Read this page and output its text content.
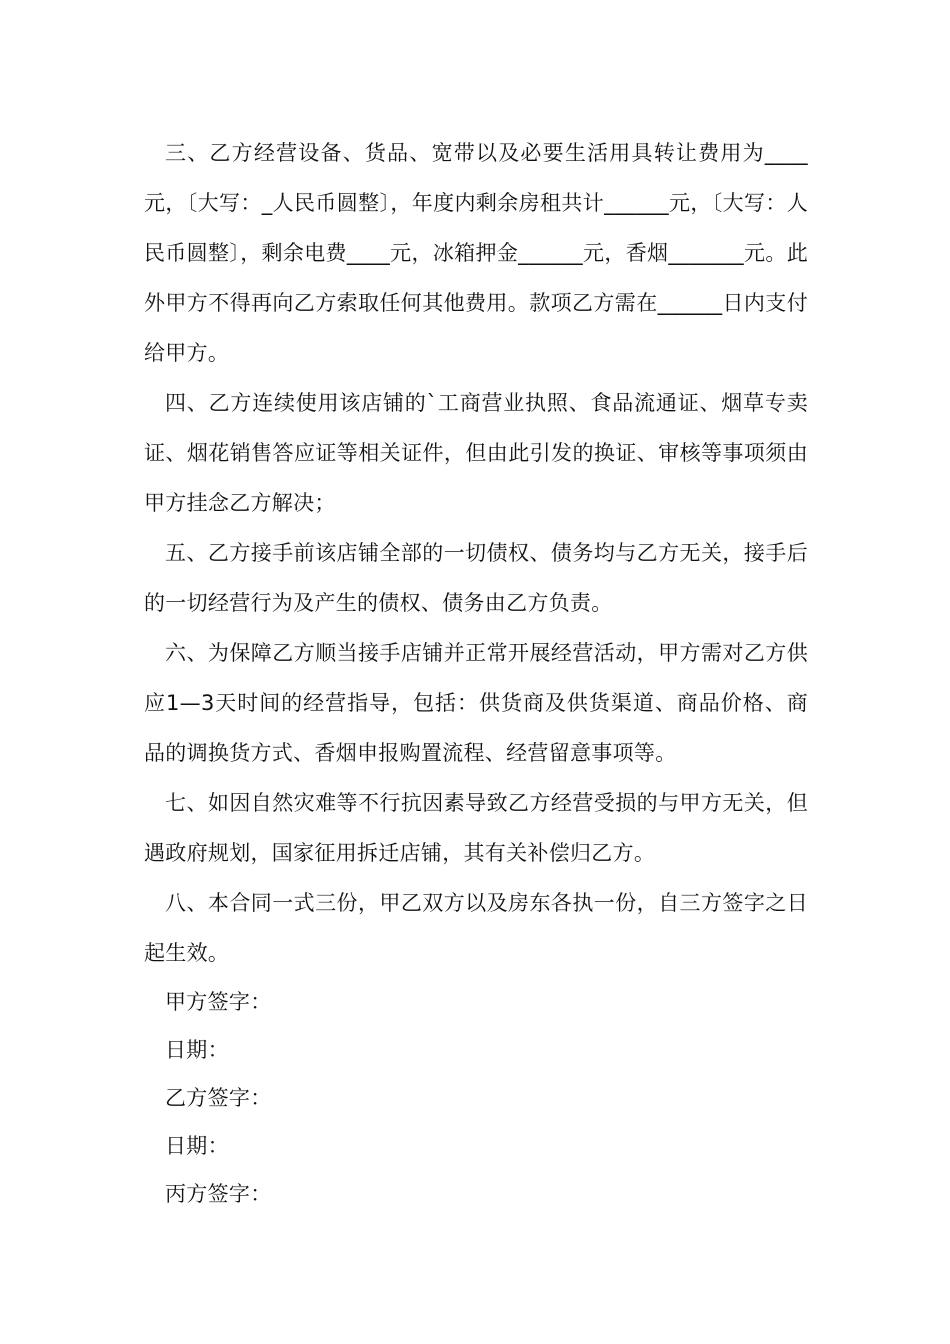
三、乙方经营设备、货品、宽带以及必要生活用具转让费用为____元，〔大写：_人民币圆整〕，年度内剩余房租共计______元，〔大写：人民币圆整〕，剩余电费____元，冰箱押金______元，香烟_______元。此外甲方不得再向乙方索取任何其他费用。款项乙方需在______日内支付给甲方。

四、乙方连续使用该店铺的`工商营业执照、食品流通证、烟草专卖证、烟花销售答应证等相关证件，但由此引发的换证、审核等事项须由甲方挂念乙方解决；

五、乙方接手前该店铺全部的一切债权、债务均与乙方无关，接手后的一切经营行为及产生的债权、债务由乙方负责。

六、为保障乙方顺当接手店铺并正常开展经营活动，甲方需对乙方供应1—3天时间的经营指导，包括：供货商及供货渠道、商品价格、商品的调换货方式、香烟申报购置流程、经营留意事项等。

七、如因自然灾难等不行抗因素导致乙方经营受损的与甲方无关，但遇政府规划，国家征用拆迁店铺，其有关补偿归乙方。

八、本合同一式三份，甲乙双方以及房东各执一份，自三方签字之日起生效。

甲方签字：

日期：

乙方签字：

日期：

丙方签字：
